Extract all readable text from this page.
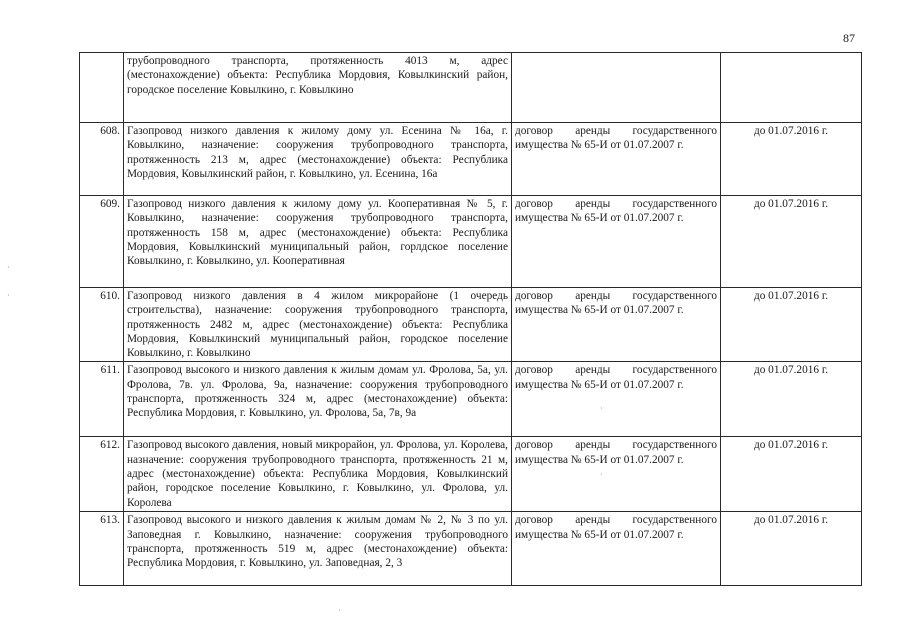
87
	трубопроводного транспорта, протяженность 4013 м, адрес (местонахождение) объекта: Республика Мордовия, Ковылкинский район, городское поселение Ковылкино, г. Ковылкино		
608.	Газопровод низкого давления к жилому дому ул. Есенина № 16а, г. Ковылкино, назначение: сооружения трубопроводного транспорта, протяженность 213 м, адрес (местонахождение) объекта: Республика Мордовия, Ковылкинский район, г. Ковылкино, ул. Есенина, 16а	договор аренды государственного имущества № 65-И от 01.07.2007 г.	до 01.07.2016 г.
609.	Газопровод низкого давления к жилому дому ул. Кооперативная № 5, г. Ковылкино, назначение: сооружения трубопроводного транспорта, протяженность 158 м, адрес (местонахождение) объекта: Республика Мордовия, Ковылкинский муниципальный район, горлдское поселение Ковылкино, г. Ковылкино, ул. Кооперативная	договор аренды государственного имущества № 65-И от 01.07.2007 г.	до 01.07.2016 г.
610.	Газопровод низкого давления в 4 жилом микрорайоне (1 очередь строительства), назначение: сооружения трубопроводного транспорта, протяженность 2482 м, адрес (местонахождение) объекта: Республика Мордовия, Ковылкинский муниципальный район, городское поселение Ковылкино, г. Ковылкино	договор аренды государственного имущества № 65-И от 01.07.2007 г.	до 01.07.2016 г.
611.	Газопровод высокого и низкого давления к жилым домам ул. Фролова, 5а, ул. Фролова, 7в. ул. Фролова, 9а, назначение: сооружения трубопроводного транспорта, протяженность 324 м, адрес (местонахождение) объекта: Республика Мордовия, г. Ковылкино, ул. Фролова, 5а, 7в, 9а	договор аренды государственного имущества № 65-И от 01.07.2007 г.	до 01.07.2016 г.
612.	Газопровод высокого давления, новый микрорайон, ул. Фролова, ул. Королева, назначение: сооружения трубопроводного транспорта, протяженность 21 м, адрес (местонахождение) объекта: Республика Мордовия, Ковылкинский район, городское поселение Ковылкино, г. Ковылкино, ул. Фролова, ул. Королева	договор аренды государственного имущества № 65-И от 01.07.2007 г.	до 01.07.2016 г.
613.	Газопровод высокого и низкого давления к жилым домам № 2, № 3 по ул. Заповедная г. Ковылкино, назначение: сооружения трубопроводного транспорта, протяженность 519 м, адрес (местонахождение) объекта: Республика Мордовия, г. Ковылкино, ул. Заповедная, 2, 3	договор аренды государственного имущества № 65-И от 01.07.2007 г.	до 01.07.2016 г.
·
·
·
·
·
